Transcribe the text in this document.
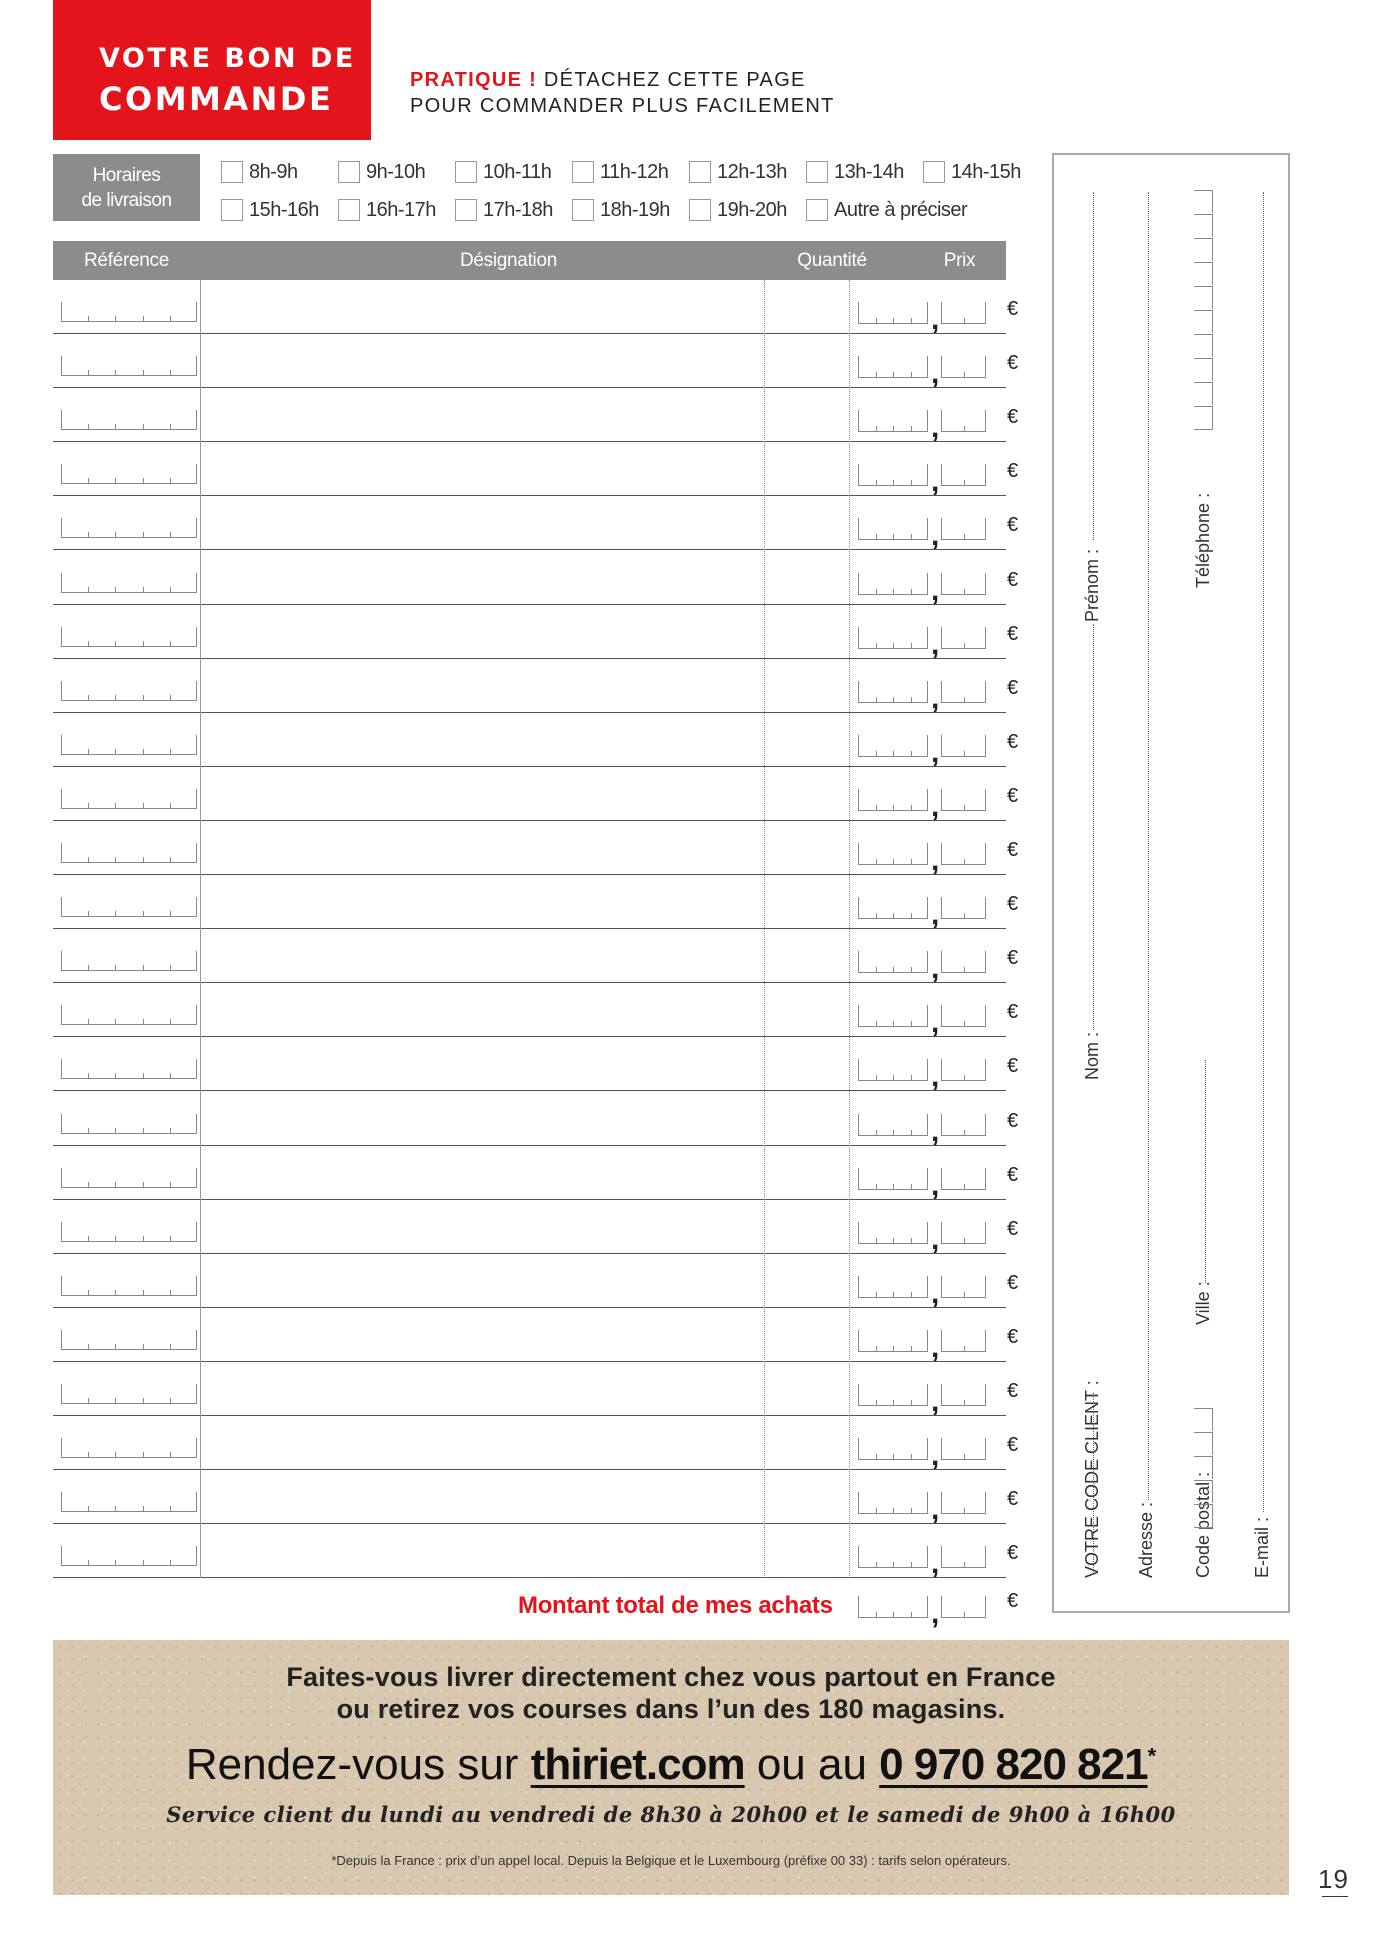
VOTRE BON DE
COMMANDE	PRATIQUE ! DÉTACHEZ CETTE PAGE
POUR COMMANDER PLUS FACILEMENT
Horaires
de livraison
8h-9h	9h-10h	10h-11h 11h-12h 12h-13h 13h-14h 14h-15h
15h-16h 16h-17h 17h-18h 18h-19h 19h-20h Autre à préciser
Référence	Désignation	Quantité	Prix
,	€
,	€
,	€
,	€
,	€
,	€
,	€
,	€
,	€
,	€
,	€
,	€
,	€
,	€
,	€
,	€
,	€
,	€
,	€
,	€
,	€
,	€
,	€
,	€
Montant total de mes achats	,	€
VOTRE CODE CLIENT :
Nom :
Prénom :
Adresse : Code postal :
Ville :
Téléphone :
E-mail :
Faites-vous livrer directement chez vous partout en France
ou retirez vos courses dans l’un des 180 magasins.
Rendez-vous sur thiriet.com ou au 0 970 820 821*
Service client du lundi au vendredi de 8h30 à 20h00 et le samedi de 9h00 à 16h00
*Depuis la France : prix d’un appel local. Depuis la Belgique et le Luxembourg (préfixe 00 33) : tarifs selon opérateurs.
19
